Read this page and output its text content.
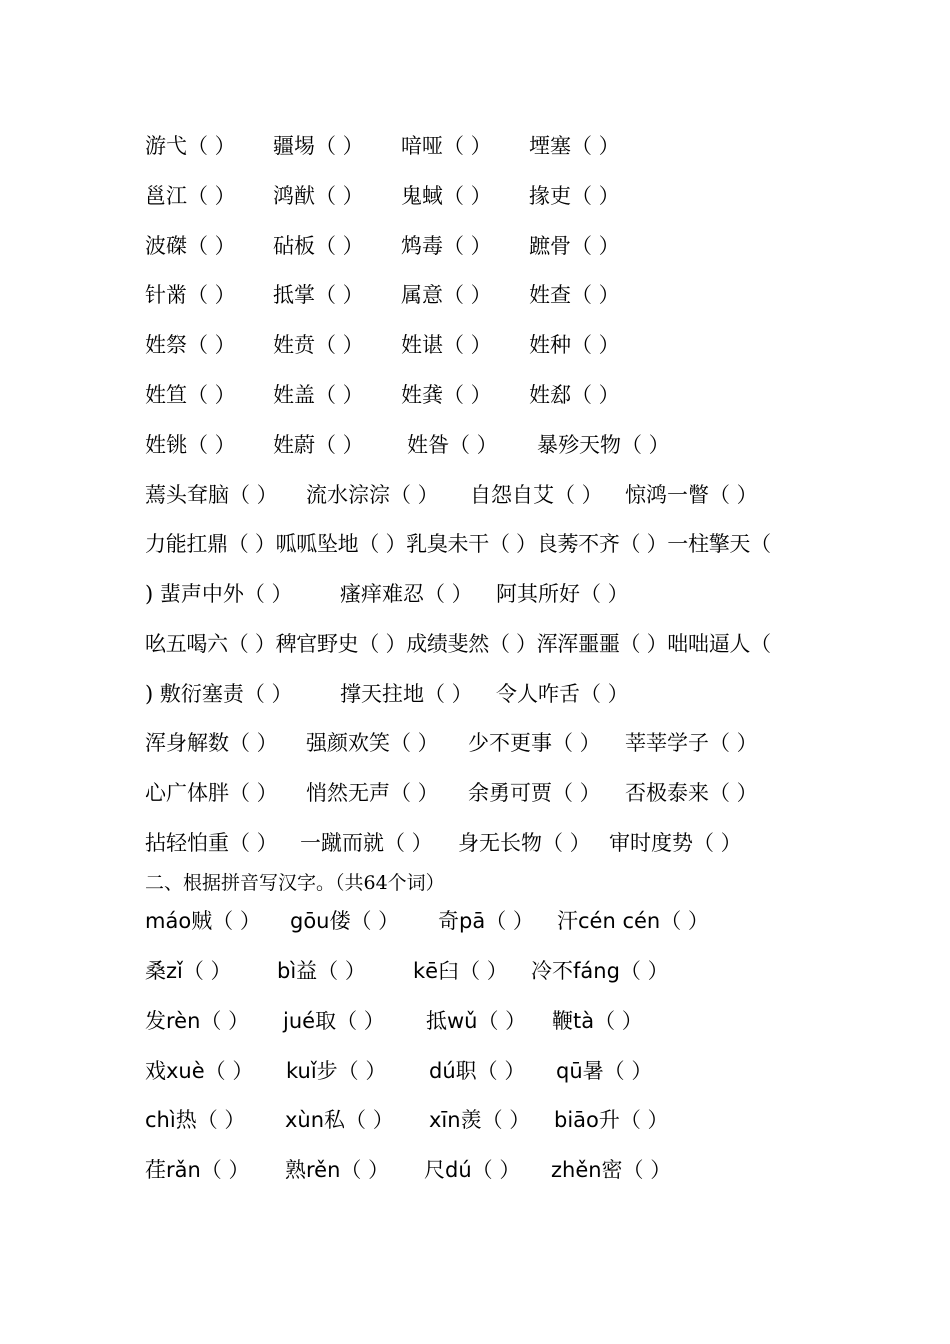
游弋（ ） 疆埸（ ） 喑哑（ ） 堙塞（ ）
邕江（ ） 鸿猷（ ） 鬼蜮（ ） 掾吏（ ）
波磔（ ） 砧板（ ） 鸩毒（ ） 蹠骨（ ）
针黹（ ） 抵掌（ ） 属意（ ） 姓查（ ）
姓祭（ ） 姓贲（ ） 姓谌（ ） 姓种（ ）
姓笪（ ） 姓盖（ ） 姓龚（ ） 姓郄（ ）
姓铫（ ） 姓蔚（ ） 姓昝（ ） 暴殄天物（ ）
蔫头耷脑（ ） 流水淙淙（ ） 自怨自艾（ ） 惊鸿一瞥（ ）
力能扛鼎（ ）呱呱坠地（ ）乳臭未干（ ）良莠不齐（ ）一柱擎天（
) 蜚声中外（ ） 瘙痒难忍（ ） 阿其所好（ ）
吆五喝六（ ）稗官野史（ ）成绩斐然（ ）浑浑噩噩（ ）咄咄逼人（
) 敷衍塞责（ ） 撑天拄地（ ） 令人咋舌（ ）
浑身解数（ ） 强颜欢笑（ ） 少不更事（ ） 莘莘学子（ ）
心广体胖（ ） 悄然无声（ ） 余勇可贾（ ） 否极泰来（ ）
拈轻怕重（ ） 一蹴而就（ ） 身无长物（ ） 审时度势（ ）
二、根据拼音写汉字。（共64个词）
máo贼（ ） gōu偻（ ） 奇pā（ ） 汗cén cén（ ）
桑zǐ（ ） bì益（ ） kē臼（ ） 冷不fáng（ ）
发rèn（ ） jué取（ ） 抵wǔ（ ） 鞭tà（ ）
戏xuè（ ） kuǐ步（ ） dú职（ ） qū暑（ ）
chì热（ ） xùn私（ ） xīn羡（ ） biāo升（ ）
荏rǎn（ ） 熟rěn（ ） 尺dú（ ） zhěn密（ ）
